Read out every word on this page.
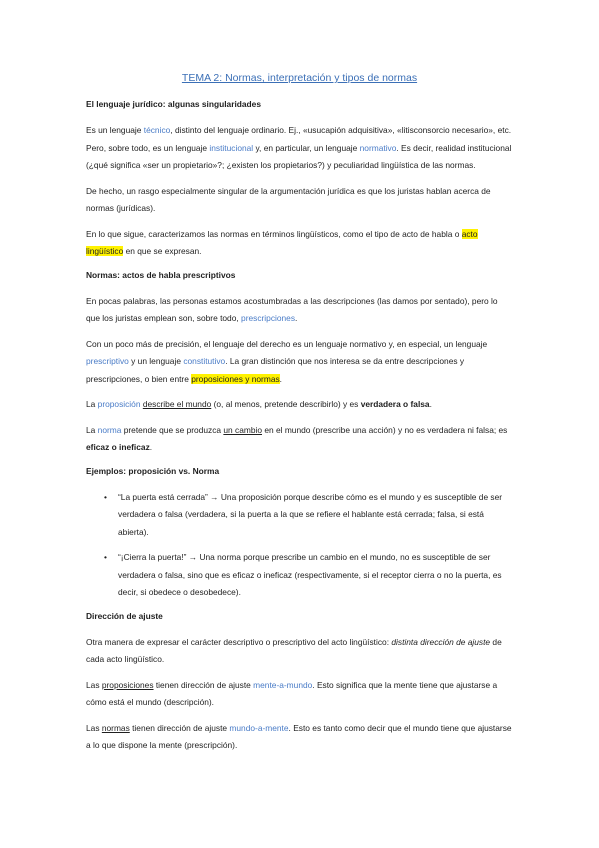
TEMA 2: Normas, interpretación y tipos de normas
El lenguaje jurídico: algunas singularidades

Es un lenguaje técnico, distinto del lenguaje ordinario. Ej., «usucapión adquisitiva», «litisconsorcio necesario», etc. Pero, sobre todo, es un lenguaje institucional y, en particular, un lenguaje normativo. Es decir, realidad institucional (¿qué significa «ser un propietario»?; ¿existen los propietarios?) y peculiaridad lingüística de las normas.

De hecho, un rasgo especialmente singular de la argumentación jurídica es que los juristas hablan acerca de normas (jurídicas).

En lo que sigue, caracterizamos las normas en términos lingüísticos, como el tipo de acto de habla o acto lingüístico en que se expresan.

Normas: actos de habla prescriptivos

En pocas palabras, las personas estamos acostumbradas a las descripciones (las damos por sentado), pero lo que los juristas emplean son, sobre todo, prescripciones.

Con un poco más de precisión, el lenguaje del derecho es un lenguaje normativo y, en especial, un lenguaje prescriptivo y un lenguaje constitutivo. La gran distinción que nos interesa se da entre descripciones y prescripciones, o bien entre proposiciones y normas.

La proposición describe el mundo (o, al menos, pretende describirlo) y es verdadera o falsa.

La norma pretende que se produzca un cambio en el mundo (prescribe una acción) y no es verdadera ni falsa; es eficaz o ineficaz.

Ejemplos: proposición vs. Norma
• “La puerta está cerrada” → Una proposición porque describe cómo es el mundo y es susceptible de ser verdadera o falsa (verdadera, si la puerta a la que se refiere el hablante está cerrada; falsa, si está abierta).
• “¡Cierra la puerta!” → Una norma porque prescribe un cambio en el mundo, no es susceptible de ser verdadera o falsa, sino que es eficaz o ineficaz (respectivamente, si el receptor cierra o no la puerta, es decir, si obedece o desobedece).
Dirección de ajuste

Otra manera de expresar el carácter descriptivo o prescriptivo del acto lingüístico: distinta dirección de ajuste de cada acto lingüístico.

Las proposiciones tienen dirección de ajuste mente-a-mundo. Esto significa que la mente tiene que ajustarse a cómo está el mundo (descripción).

Las normas tienen dirección de ajuste mundo-a-mente. Esto es tanto como decir que el mundo tiene que ajustarse a lo que dispone la mente (prescripción).
